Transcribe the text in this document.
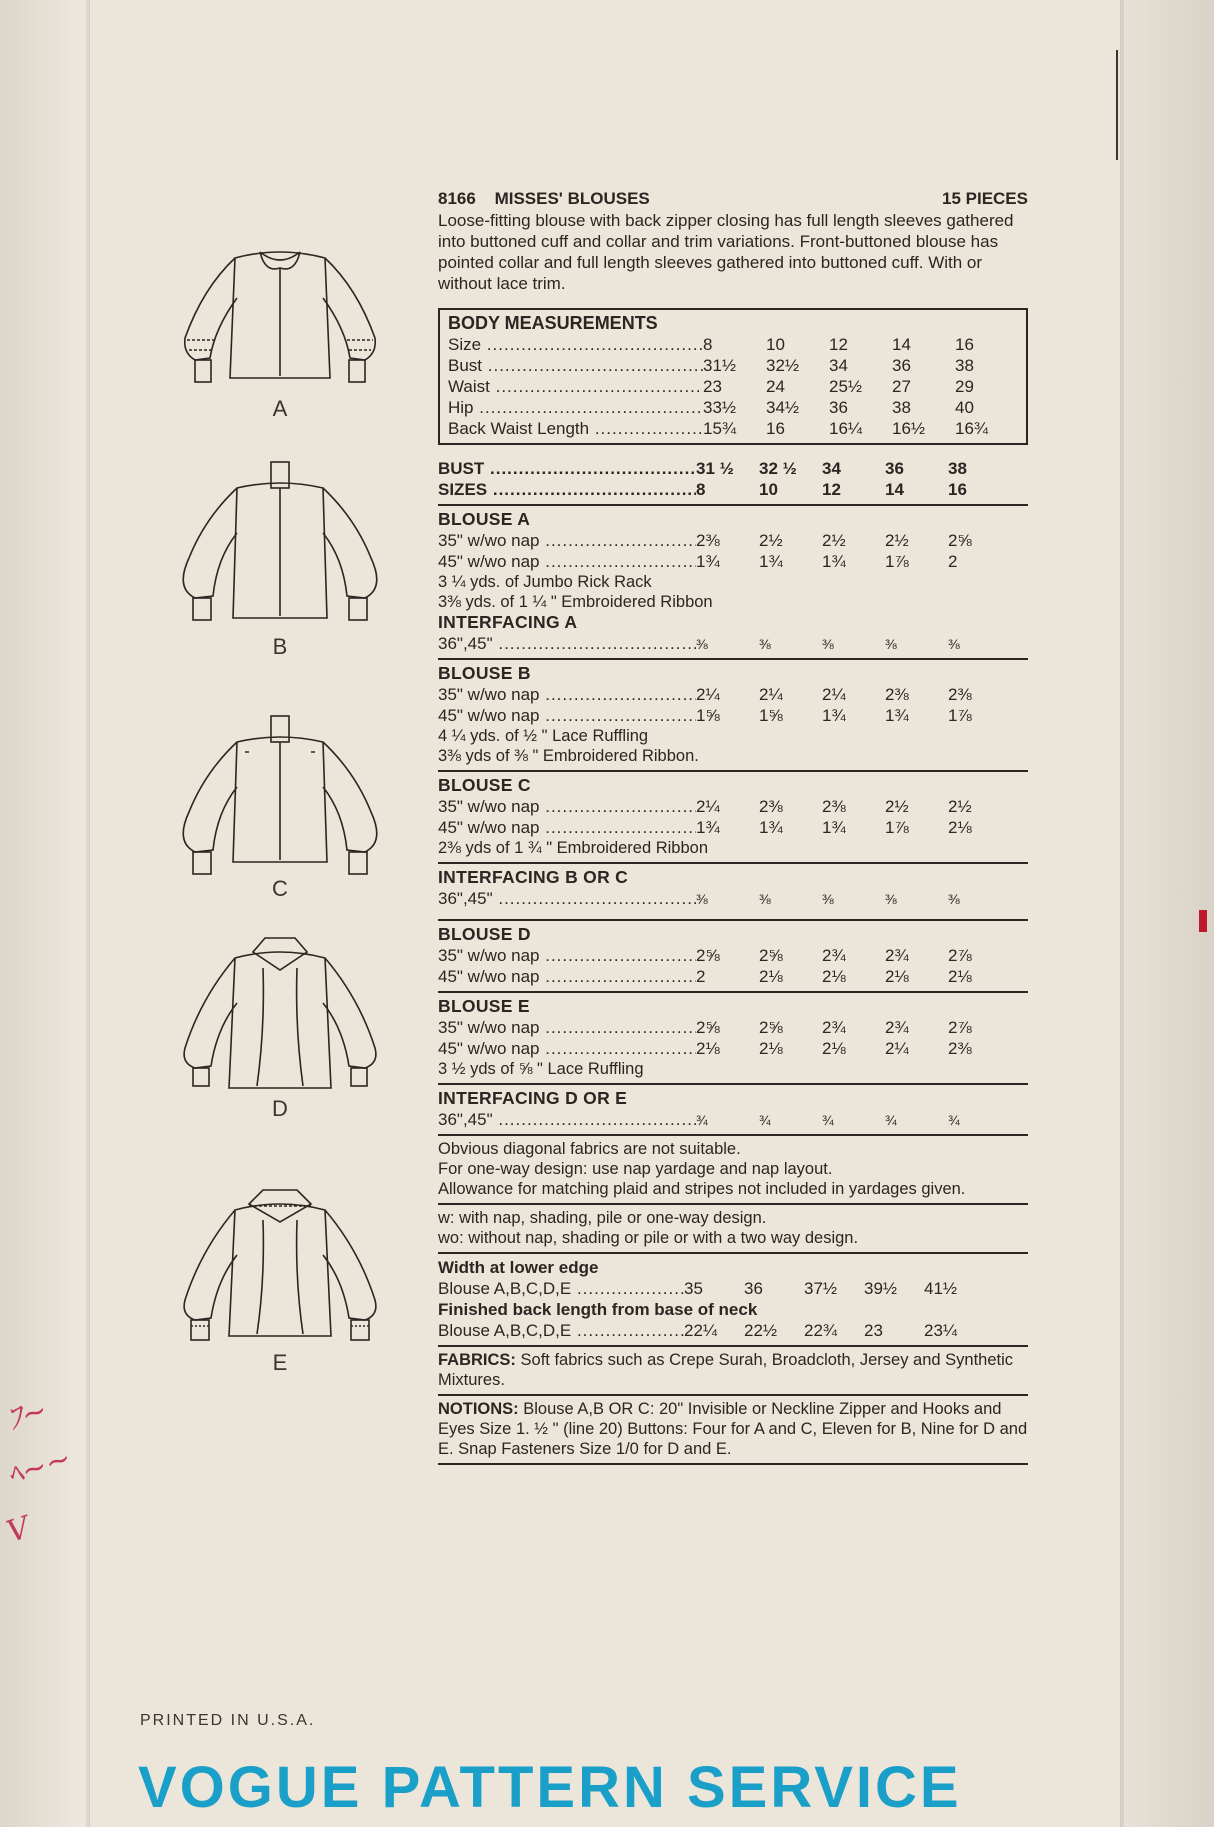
ﾌ~
ﾍ~~
V
A
B
C
D
E
8166 MISSES' BLOUSES	15 PIECES
Loose-fitting blouse with back zipper closing has full length sleeves gathered into buttoned cuff and collar and trim variations. Front-buttoned blouse has pointed collar and full length sleeves gathered into buttoned cuff. With or without lace trim.
BODY MEASUREMENTS
Size .....	8	10	12	14	16
Bust .....	31½	32½	34	36	38
Waist .....	23	24	25½	27	29
Hip .....	33½	34½	36	38	40
Back Waist Length .....	15¾	16	16¼	16½	16¾
BUST .....	31 ½	32 ½	34	36	38
SIZES .....	8	10	12	14	16
BLOUSE A
35" w/wo nap .....	2⅜	2½	2½	2½	2⅝
45" w/wo nap .....	1¾	1¾	1¾	1⅞	2
3 ¼ yds. of Jumbo Rick Rack
3⅜ yds. of 1 ¼ " Embroidered Ribbon
INTERFACING A
36",45" .....	⅜	⅜	⅜	⅜	⅜
BLOUSE B
35" w/wo nap .....	2¼	2¼	2¼	2⅜	2⅜
45" w/wo nap .....	1⅝	1⅝	1¾	1¾	1⅞
4 ¼ yds. of ½ " Lace Ruffling
3⅜ yds of ⅜ " Embroidered Ribbon.
BLOUSE C
35" w/wo nap .....	2¼	2⅜	2⅜	2½	2½
45" w/wo nap .....	1¾	1¾	1¾	1⅞	2⅛
2⅜ yds of 1 ¾ " Embroidered Ribbon
INTERFACING B OR C
36",45" .....	⅜	⅜	⅜	⅜	⅜
BLOUSE D
35" w/wo nap .....	2⅝	2⅝	2¾	2¾	2⅞
45" w/wo nap .....	2	2⅛	2⅛	2⅛	2⅛
BLOUSE E
35" w/wo nap .....	2⅝	2⅝	2¾	2¾	2⅞
45" w/wo nap .....	2⅛	2⅛	2⅛	2¼	2⅜
3 ½ yds of ⅝ " Lace Ruffling
INTERFACING D OR E
36",45" .....	¾	¾	¾	¾	¾
Obvious diagonal fabrics are not suitable.
For one-way design: use nap yardage and nap layout.
Allowance for matching plaid and stripes not included in yardages given.
w: with nap, shading, pile or one-way design.
wo: without nap, shading or pile or with a two way design.
Width at lower edge
Blouse A,B,C,D,E .....	35	36	37½	39½	41½
Finished back length from base of neck
Blouse A,B,C,D,E .....	22¼	22½	22¾	23	23¼
FABRICS: Soft fabrics such as Crepe Surah, Broadcloth, Jersey and Synthetic Mixtures.
NOTIONS: Blouse A,B OR C: 20" Invisible or Neckline Zipper and Hooks and Eyes Size 1. ½ " (line 20) Buttons: Four for A and C, Eleven for B, Nine for D and E. Snap Fasteners Size 1/0 for D and E.
PRINTED IN U.S.A.
VOGUE PATTERN SERVICE
